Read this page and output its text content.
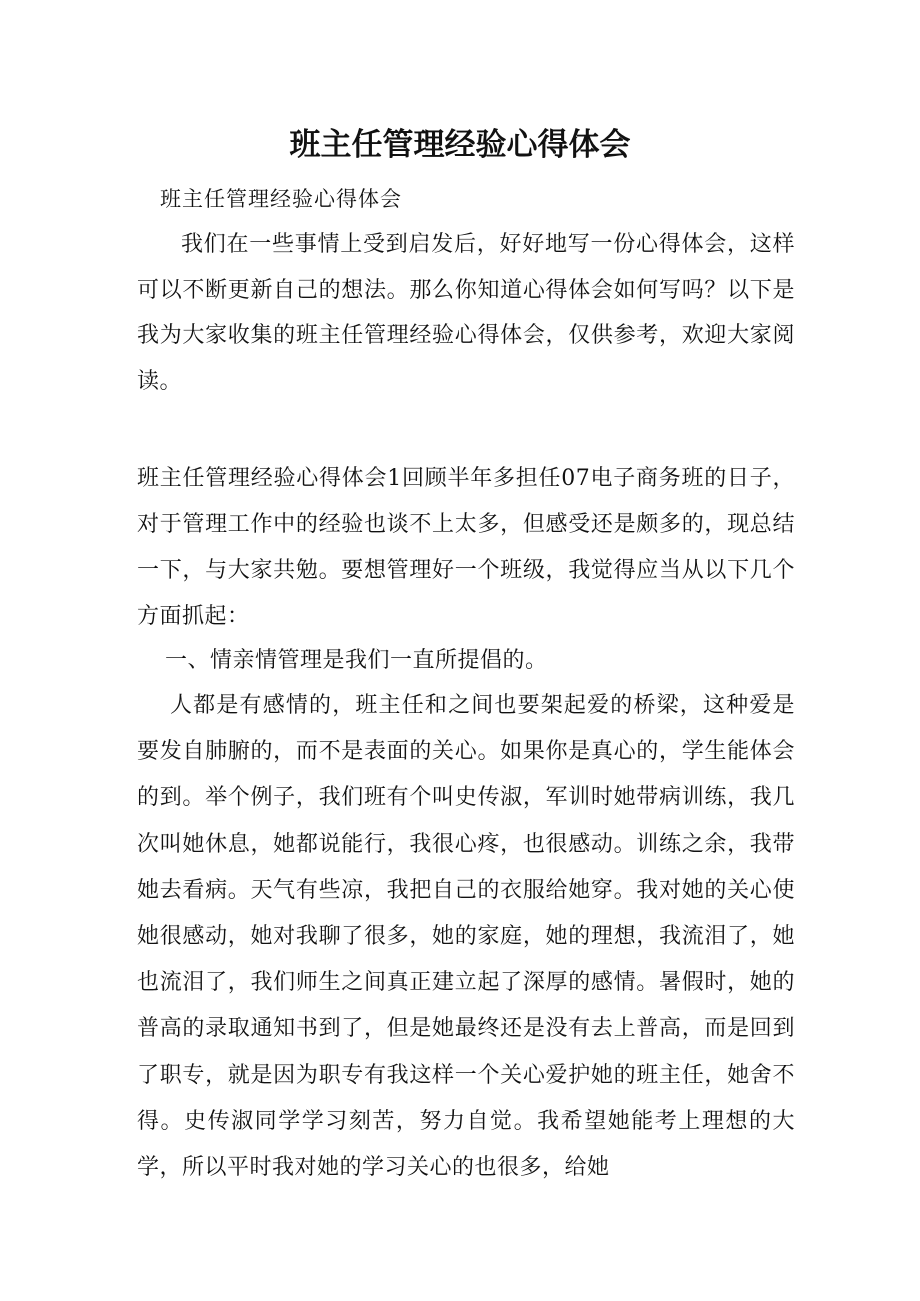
班主任管理经验心得体会
班主任管理经验心得体会

我们在一些事情上受到启发后，好好地写一份心得体会，这样可以不断更新自己的想法。那么你知道心得体会如何写吗？以下是我为大家收集的班主任管理经验心得体会，仅供参考，欢迎大家阅读。

班主任管理经验心得体会1回顾半年多担任07电子商务班的日子，对于管理工作中的经验也谈不上太多，但感受还是颇多的，现总结一下，与大家共勉。要想管理好一个班级，我觉得应当从以下几个方面抓起：

一、情亲情管理是我们一直所提倡的。

人都是有感情的，班主任和之间也要架起爱的桥梁，这种爱是要发自肺腑的，而不是表面的关心。如果你是真心的，学生能体会的到。举个例子，我们班有个叫史传淑，军训时她带病训练，我几次叫她休息，她都说能行，我很心疼，也很感动。训练之余，我带她去看病。天气有些凉，我把自己的衣服给她穿。我对她的关心使她很感动，她对我聊了很多，她的家庭，她的理想，我流泪了，她也流泪了，我们师生之间真正建立起了深厚的感情。暑假时，她的普高的录取通知书到了，但是她最终还是没有去上普高，而是回到了职专，就是因为职专有我这样一个关心爱护她的班主任，她舍不得。史传淑同学学习刻苦，努力自觉。我希望她能考上理想的大学，所以平时我对她的学习关心的也很多，给她
